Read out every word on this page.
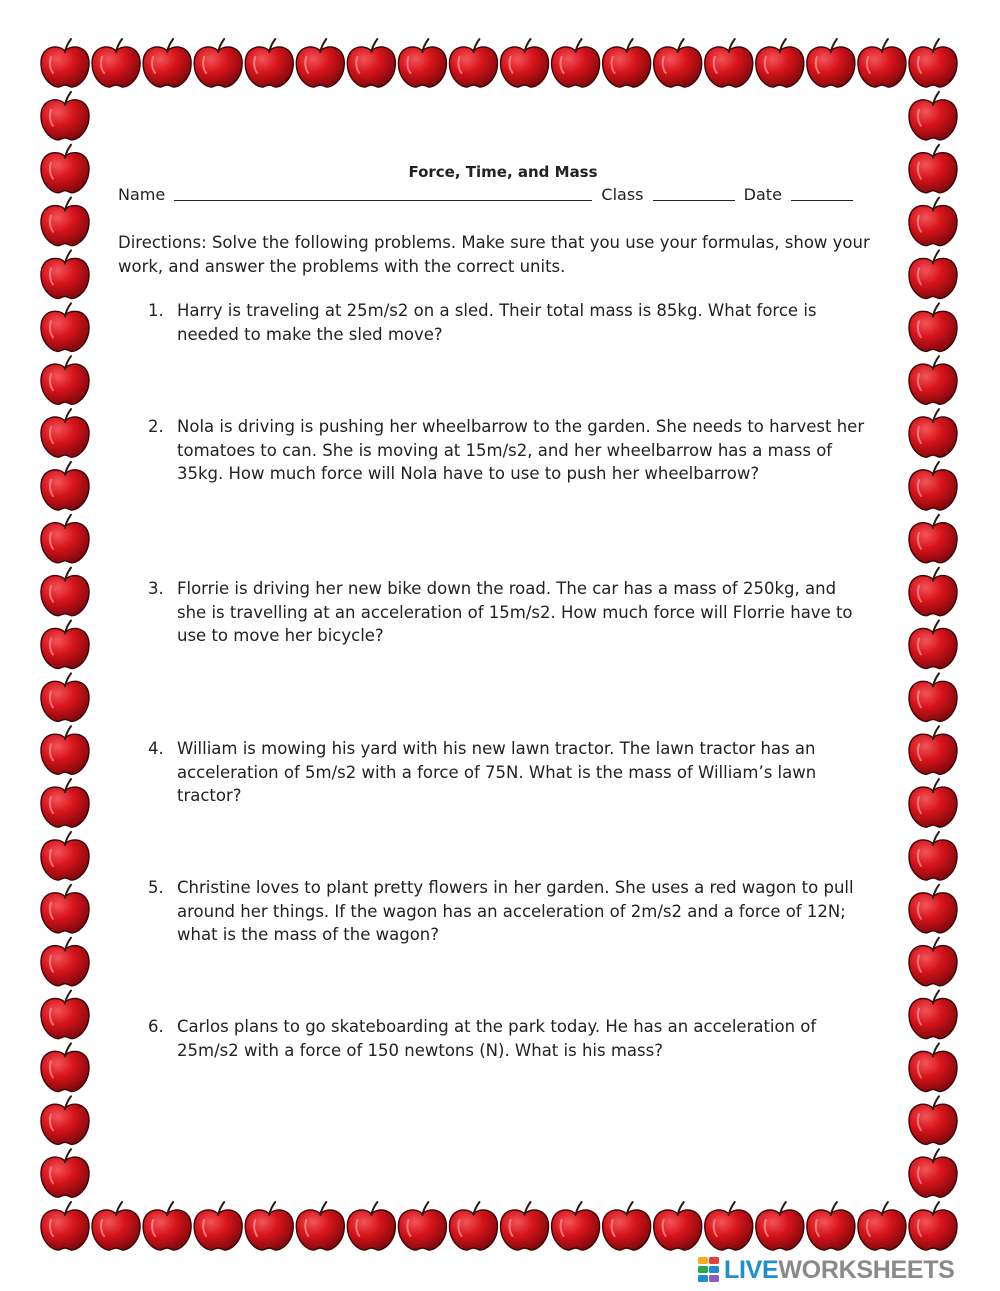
Force, Time, and Mass
Name	Class	Date
Directions: Solve the following problems. Make sure that you use your formulas, show your work, and answer the problems with the correct units.
1. Harry is traveling at 25m/s2 on a sled. Their total mass is 85kg. What force is needed to make the sled move?
2. Nola is driving is pushing her wheelbarrow to the garden. She needs to harvest her tomatoes to can. She is moving at 15m/s2, and her wheelbarrow has a mass of 35kg. How much force will Nola have to use to push her wheelbarrow?
3. Florrie is driving her new bike down the road. The car has a mass of 250kg, and she is travelling at an acceleration of 15m/s2. How much force will Florrie have to use to move her bicycle?
4. William is mowing his yard with his new lawn tractor. The lawn tractor has an acceleration of 5m/s2 with a force of 75N. What is the mass of William’s lawn tractor?
5. Christine loves to plant pretty flowers in her garden. She uses a red wagon to pull around her things. If the wagon has an acceleration of 2m/s2 and a force of 12N; what is the mass of the wagon?
6. Carlos plans to go skateboarding at the park today. He has an acceleration of 25m/s2 with a force of 150 newtons (N). What is his mass?
LIVEWORKSHEETS
